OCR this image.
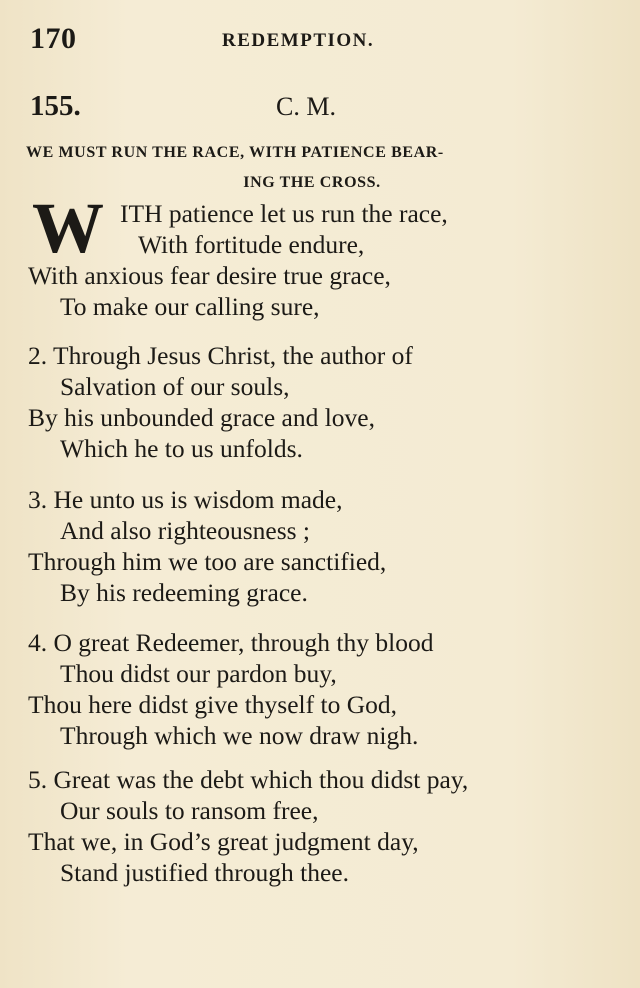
170	REDEMPTION.
155.	C. M.
WE MUST RUN THE RACE, WITH PATIENCE BEAR-
ING THE CROSS.
W ITH patience let us run the race,
With fortitude endure,
With anxious fear desire true grace,
To make our calling sure,
2. Through Jesus Christ, the author of
Salvation of our souls,
By his unbounded grace and love,
Which he to us unfolds.
3. He unto us is wisdom made,
And also righteousness ;
Through him we too are sanctified,
By his redeeming grace.
4. O great Redeemer, through thy blood
Thou didst our pardon buy,
Thou here didst give thyself to God,
Through which we now draw nigh.
5. Great was the debt which thou didst pay,
Our souls to ransom free,
That we, in God’s great judgment day,
Stand justified through thee.
